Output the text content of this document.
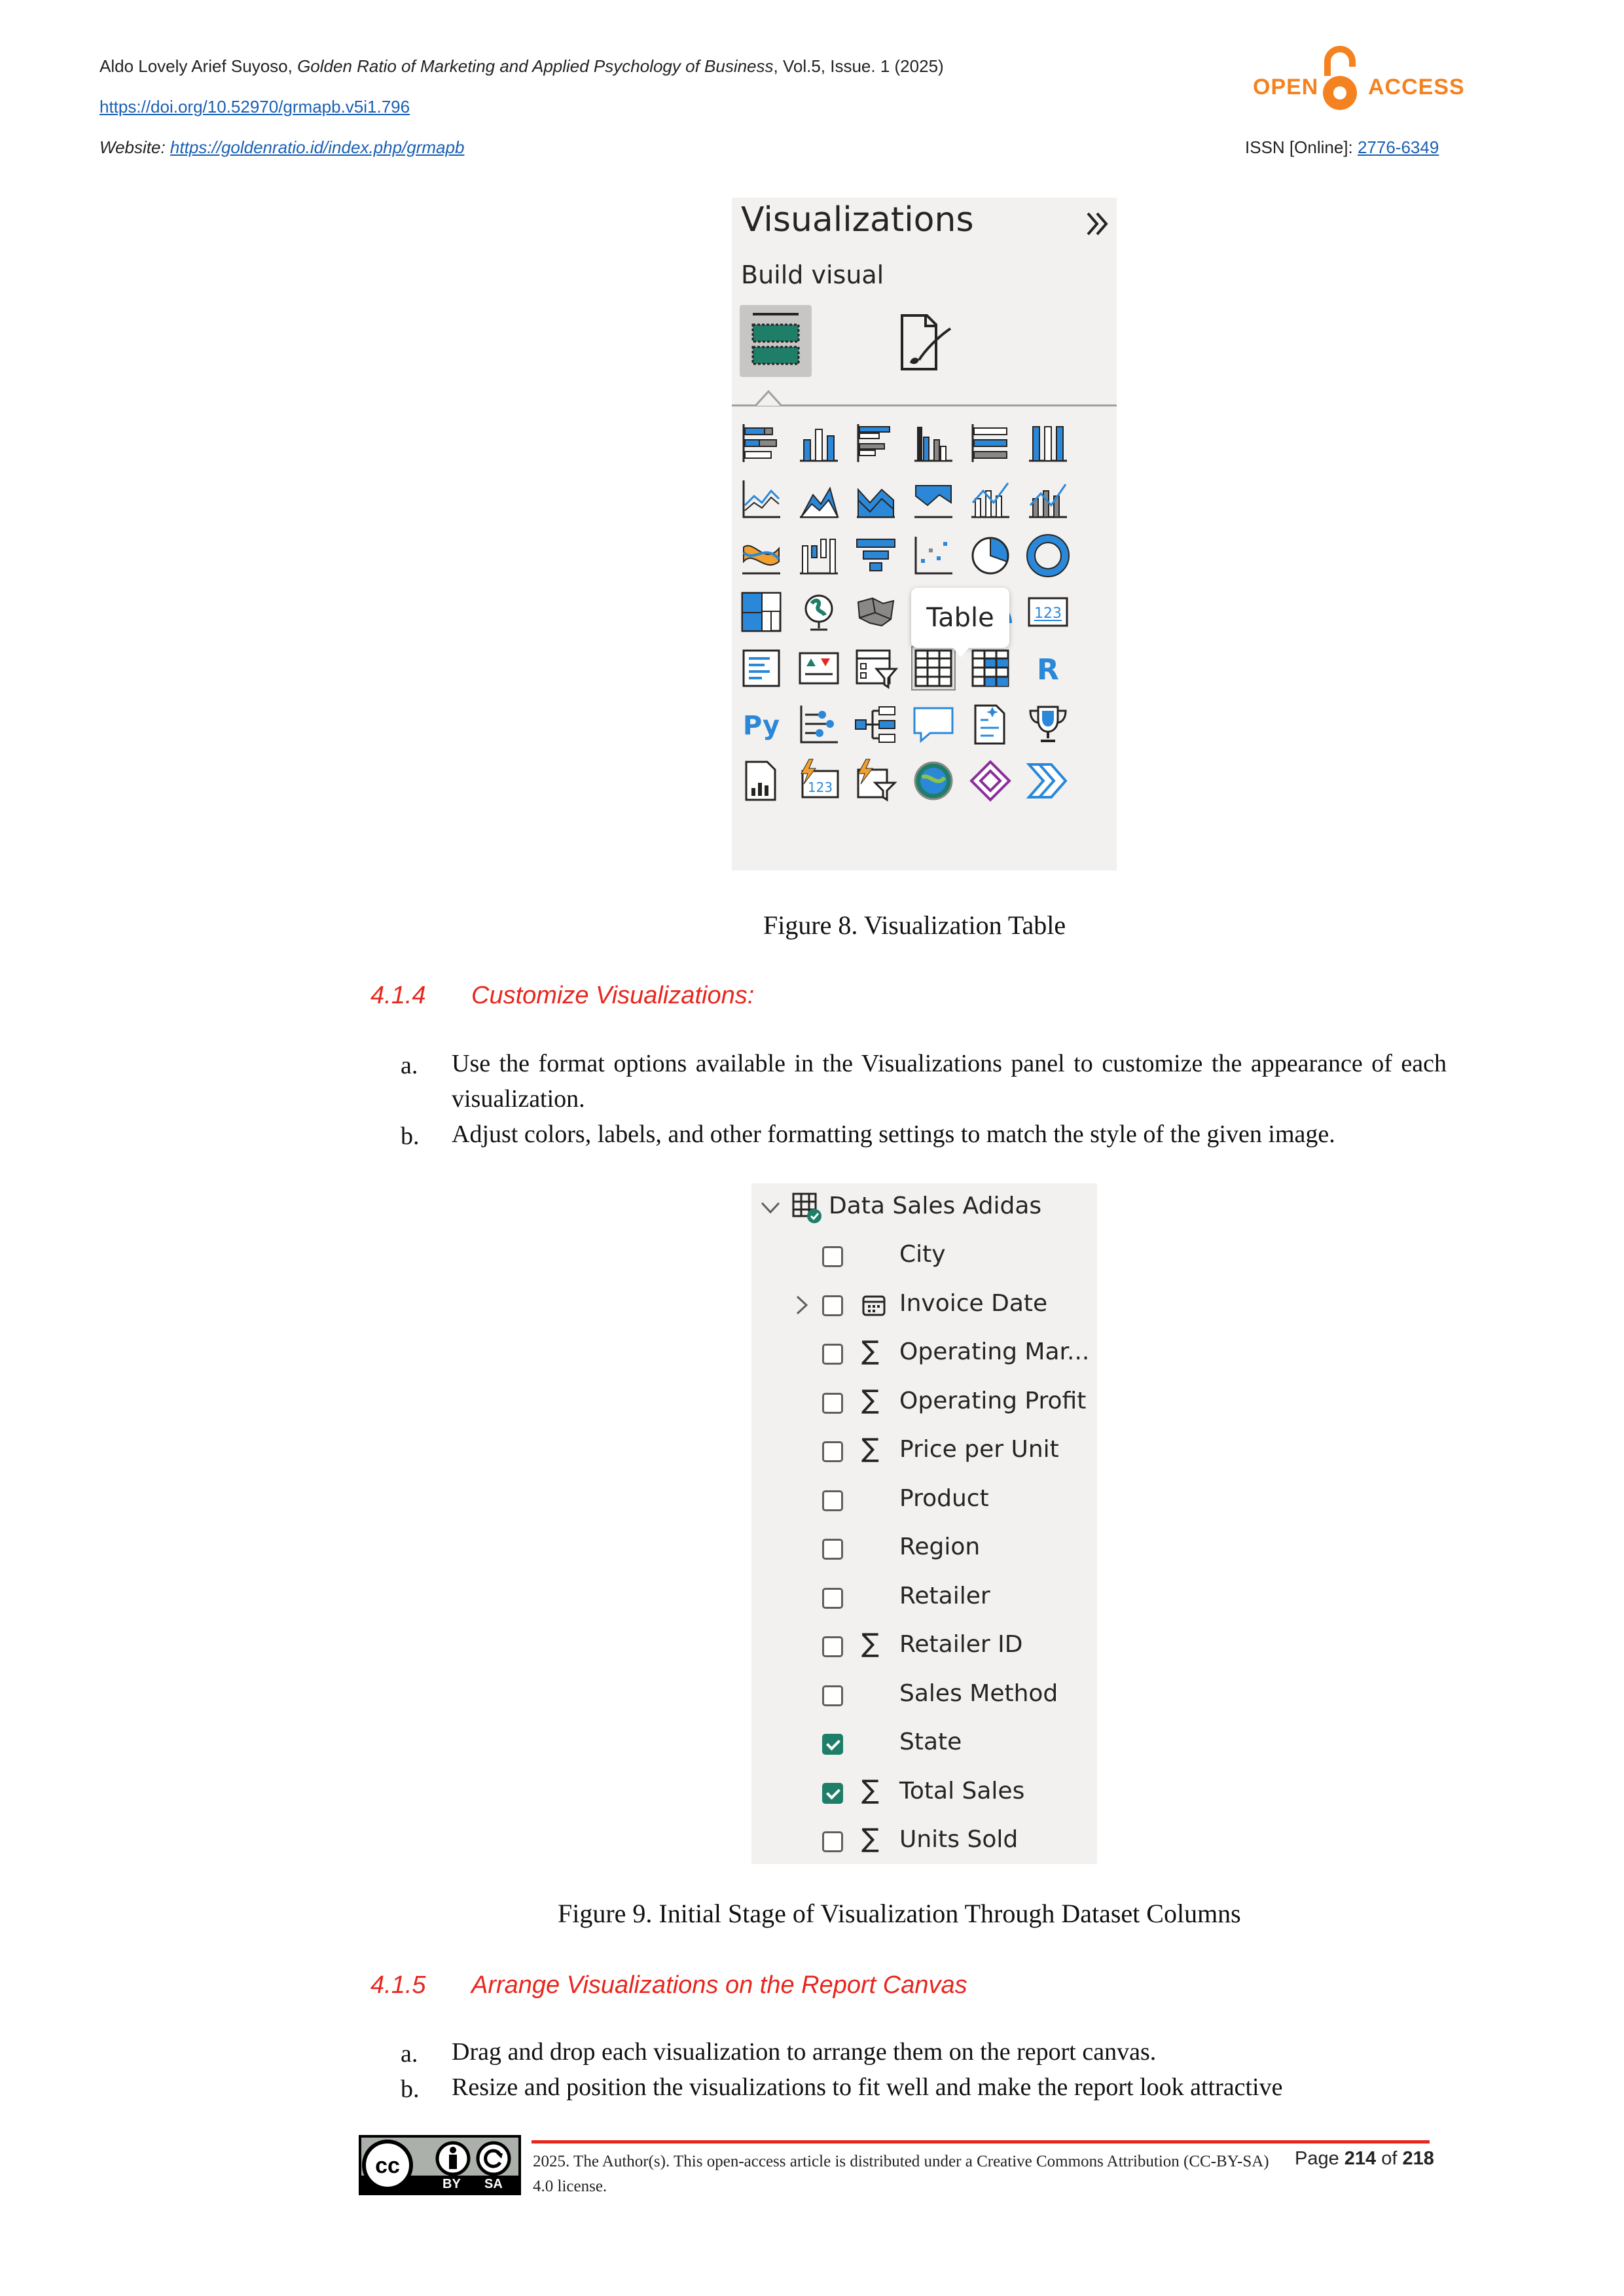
Aldo Lovely Arief Suyoso, Golden Ratio of Marketing and Applied Psychology of Business, Vol.5, Issue. 1 (2025)
https://doi.org/10.52970/grmapb.v5i1.796
Website: https://goldenratio.id/index.php/grmapb	ISSN [Online]: 2776-6349
OPEN ACCESS
Visualizations
Build visual
123
R
Py
123
Table
Figure 8. Visualization Table
4.1.4 Customize Visualizations:
a. Use the format options available in the Visualizations panel to customize the appearance of each visualization.
b. Adjust colors, labels, and other formatting settings to match the style of the given image.
Data Sales Adidas
City
Invoice Date
∑ Operating Mar...
∑ Operating Profit
∑ Price per Unit
Product
Region
Retailer
∑ Retailer ID
Sales Method
State
∑ Total Sales
∑ Units Sold
Figure 9. Initial Stage of Visualization Through Dataset Columns
4.1.5 Arrange Visualizations on the Report Canvas
a. Drag and drop each visualization to arrange them on the report canvas.
b. Resize and position the visualizations to fit well and make the report look attractive
cc
BY SA
2025. The Author(s). This open-access article is distributed under a Creative Commons Attribution (CC-BY-SA) 4.0 license.
Page 214 of 218
